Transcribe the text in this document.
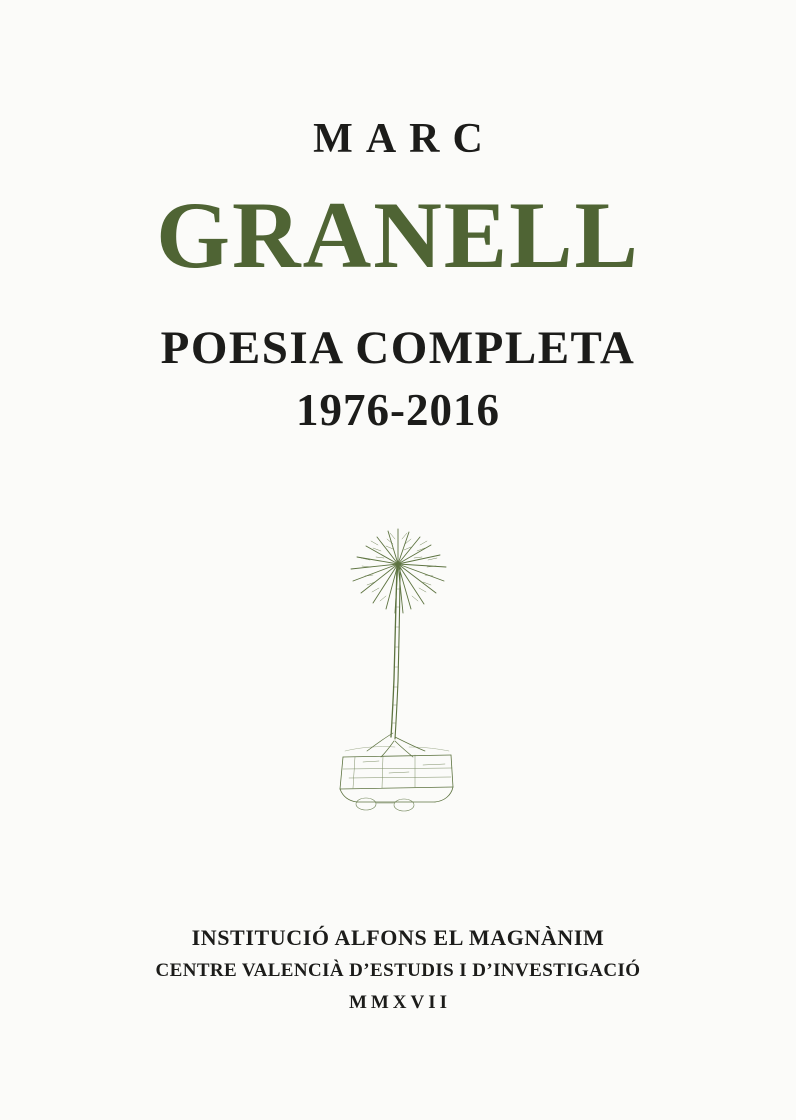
MARC
GRANELL
POESIA COMPLETA
1976-2016
INSTITUCIÓ ALFONS EL MAGNÀNIM
CENTRE VALENCIÀ D’ESTUDIS I D’INVESTIGACIÓ
MMXVII
